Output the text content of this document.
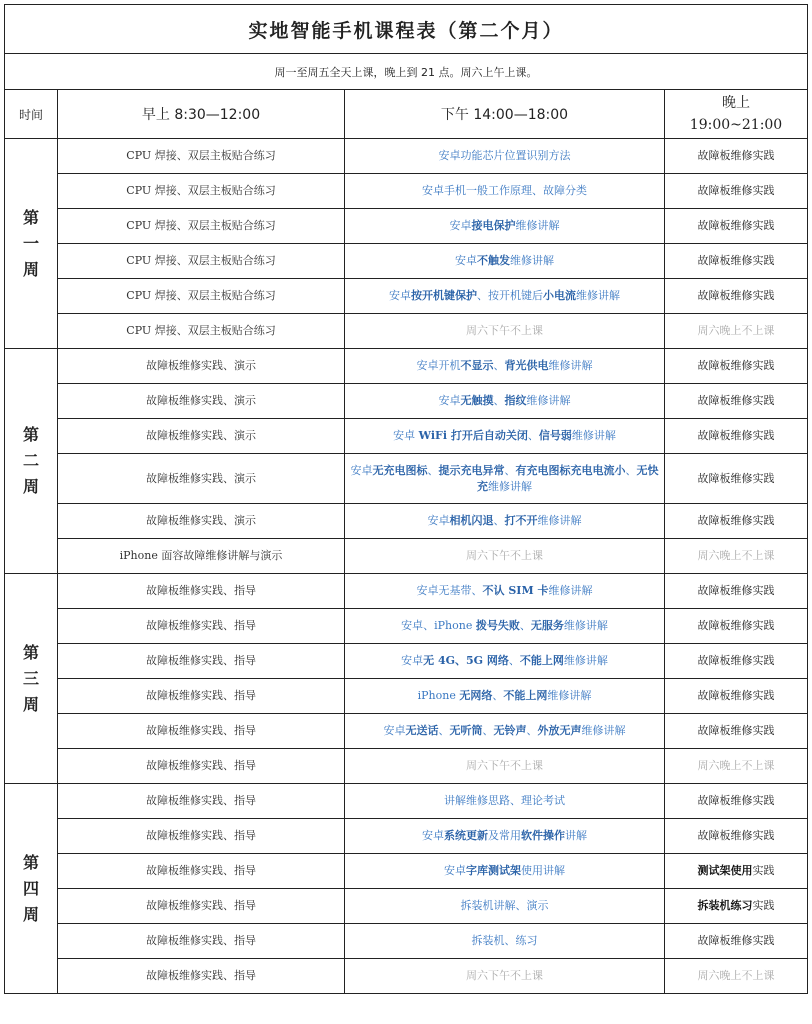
实地智能手机课程表（第二个月）			
周一至周五全天上课，晚上到 21 点。周六上午上课。			
时间	早上 8:30—12:00	下午 14:00—18:00	晚上
19:00~21:00

第
一
周	CPU 焊接、双层主板贴合练习	安卓功能芯片位置识别方法	故障板维修实践
	CPU 焊接、双层主板贴合练习	安卓手机一般工作原理、故障分类	故障板维修实践
	CPU 焊接、双层主板贴合练习	安卓接电保护维修讲解	故障板维修实践
	CPU 焊接、双层主板贴合练习	安卓不触发维修讲解	故障板维修实践
	CPU 焊接、双层主板贴合练习	安卓按开机键保护、按开机键后小电流维修讲解	故障板维修实践
	CPU 焊接、双层主板贴合练习	周六下午不上课	周六晚上不上课

第
二
周	故障板维修实践、演示	安卓开机不显示、背光供电维修讲解	故障板维修实践
	故障板维修实践、演示	安卓无触摸、指纹维修讲解	故障板维修实践
	故障板维修实践、演示	安卓 WiFi 打开后自动关闭、信号弱维修讲解	故障板维修实践
	故障板维修实践、演示	安卓无充电图标、提示充电异常、有充电图标充电电流小、无快充维修讲解	故障板维修实践
	故障板维修实践、演示	安卓相机闪退、打不开维修讲解	故障板维修实践
	iPhone 面容故障维修讲解与演示	周六下午不上课	周六晚上不上课

第
三
周	故障板维修实践、指导	安卓无基带、不认 SIM 卡维修讲解	故障板维修实践
	故障板维修实践、指导	安卓、iPhone 拨号失败、无服务维修讲解	故障板维修实践
	故障板维修实践、指导	安卓无 4G、5G 网络、不能上网维修讲解	故障板维修实践
	故障板维修实践、指导	iPhone 无网络、不能上网维修讲解	故障板维修实践
	故障板维修实践、指导	安卓无送话、无听筒、无铃声、外放无声维修讲解	故障板维修实践
	故障板维修实践、指导	周六下午不上课	周六晚上不上课

第
四
周	故障板维修实践、指导	讲解维修思路、理论考试	故障板维修实践
	故障板维修实践、指导	安卓系统更新及常用软件操作讲解	故障板维修实践
	故障板维修实践、指导	安卓字库测试架使用讲解	测试架使用实践
	故障板维修实践、指导	拆装机讲解、演示	拆装机练习实践
	故障板维修实践、指导	拆装机、练习	故障板维修实践
	故障板维修实践、指导	周六下午不上课	周六晚上不上课
